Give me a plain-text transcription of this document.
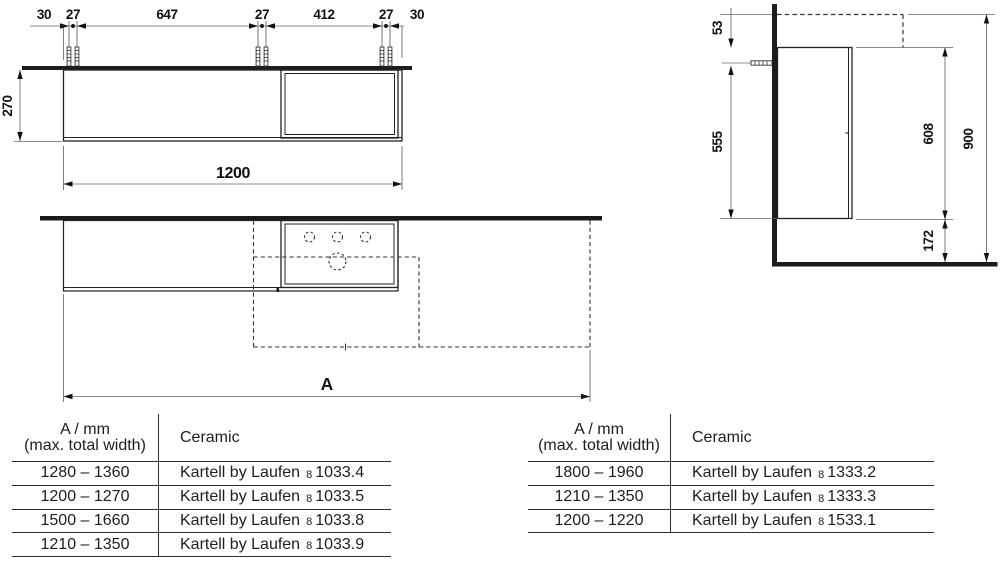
30 27	647	27	412	27 30
270
1200
A
53
555	608 900
172
A / mm
(max. total width)	Ceramic
1280 – 1360	Kartell by Laufen 8 1033.4
1200 – 1270	Kartell by Laufen 8 1033.5
1500 – 1660	Kartell by Laufen 8 1033.8
1210 – 1350	Kartell by Laufen 8 1033.9
A / mm
(max. total width)	Ceramic
1800 – 1960	Kartell by Laufen 8 1333.2
1210 – 1350	Kartell by Laufen 8 1333.3
1200 – 1220	Kartell by Laufen 8 1533.1
